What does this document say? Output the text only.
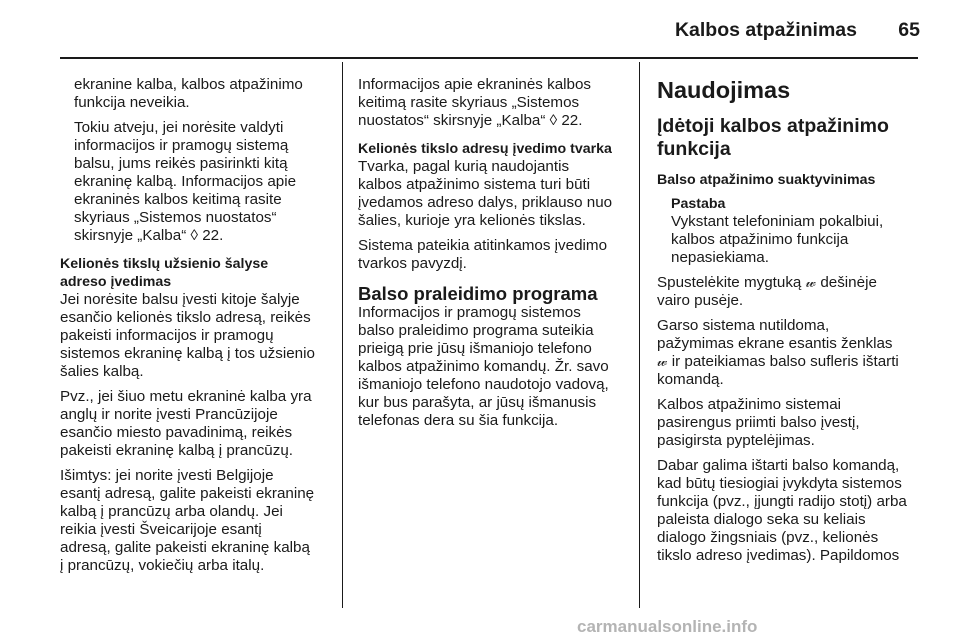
Kalbos atpažinimas 65

ekranine kalba, kalbos atpažinimo
funkcija neveikia.

Tokiu atveju, jei norėsite valdyti
informacijos ir pramogų sistemą
balsu, jums reikės pasirinkti kitą
ekraninę kalbą. Informacijos apie
ekraninės kalbos keitimą rasite
skyriaus „Sistemos nuostatos“
skirsnyje „Kalba“ ◊ 22.

Kelionės tikslų užsienio šalyse
adreso įvedimas

Jei norėsite balsu įvesti kitoje šalyje
esančio kelionės tikslo adresą, reikės
pakeisti informacijos ir pramogų
sistemos ekraninę kalbą į tos užsienio
šalies kalbą.

Pvz., jei šiuo metu ekraninė kalba yra
anglų ir norite įvesti Prancūzijoje
esančio miesto pavadinimą, reikės
pakeisti ekraninę kalbą į prancūzų.

Išimtys: jei norite įvesti Belgijoje
esantį adresą, galite pakeisti ekraninę
kalbą į prancūzų arba olandų. Jei
reikia įvesti Šveicarijoje esantį
adresą, galite pakeisti ekraninę kalbą
į prancūzų, vokiečių arba italų.

Informacijos apie ekraninės kalbos
keitimą rasite skyriaus „Sistemos
nuostatos“ skirsnyje „Kalba“ ◊ 22.

Kelionės tikslo adresų įvedimo tvarka

Tvarka, pagal kurią naudojantis
kalbos atpažinimo sistema turi būti
įvedamos adreso dalys, priklauso nuo
šalies, kurioje yra kelionės tikslas.

Sistema pateikia atitinkamos įvedimo
tvarkos pavyzdį.

Balso praleidimo programa

Informacijos ir pramogų sistemos
balso praleidimo programa suteikia
prieigą prie jūsų išmaniojo telefono
kalbos atpažinimo komandų. Žr. savo
išmaniojo telefono naudotojo vadovą,
kur bus parašyta, ar jūsų išmanusis
telefonas dera su šia funkcija.

Naudojimas
Įdėtoji kalbos atpažinimo
funkcija
Balso atpažinimo suaktyvinimas

Pastaba

Vykstant telefoniniam pokalbiui,
kalbos atpažinimo funkcija
nepasiekiama.

Spustelėkite mygtuką 𝓌 dešinėje
vairo pusėje.

Garso sistema nutildoma,
pažymimas ekrane esantis ženklas
𝓌 ir pateikiamas balso sufleris ištarti
komandą.

Kalbos atpažinimo sistemai
pasirengus priimti balso įvestį,
pasigirsta pyptelėjimas.

Dabar galima ištarti balso komandą,
kad būtų tiesiogiai įvykdyta sistemos
funkcija (pvz., įjungti radijo stotį) arba
paleista dialogo seka su keliais
dialogo žingsniais (pvz., kelionės
tikslo adreso įvedimas). Papildomos

carmanualsonline.info
